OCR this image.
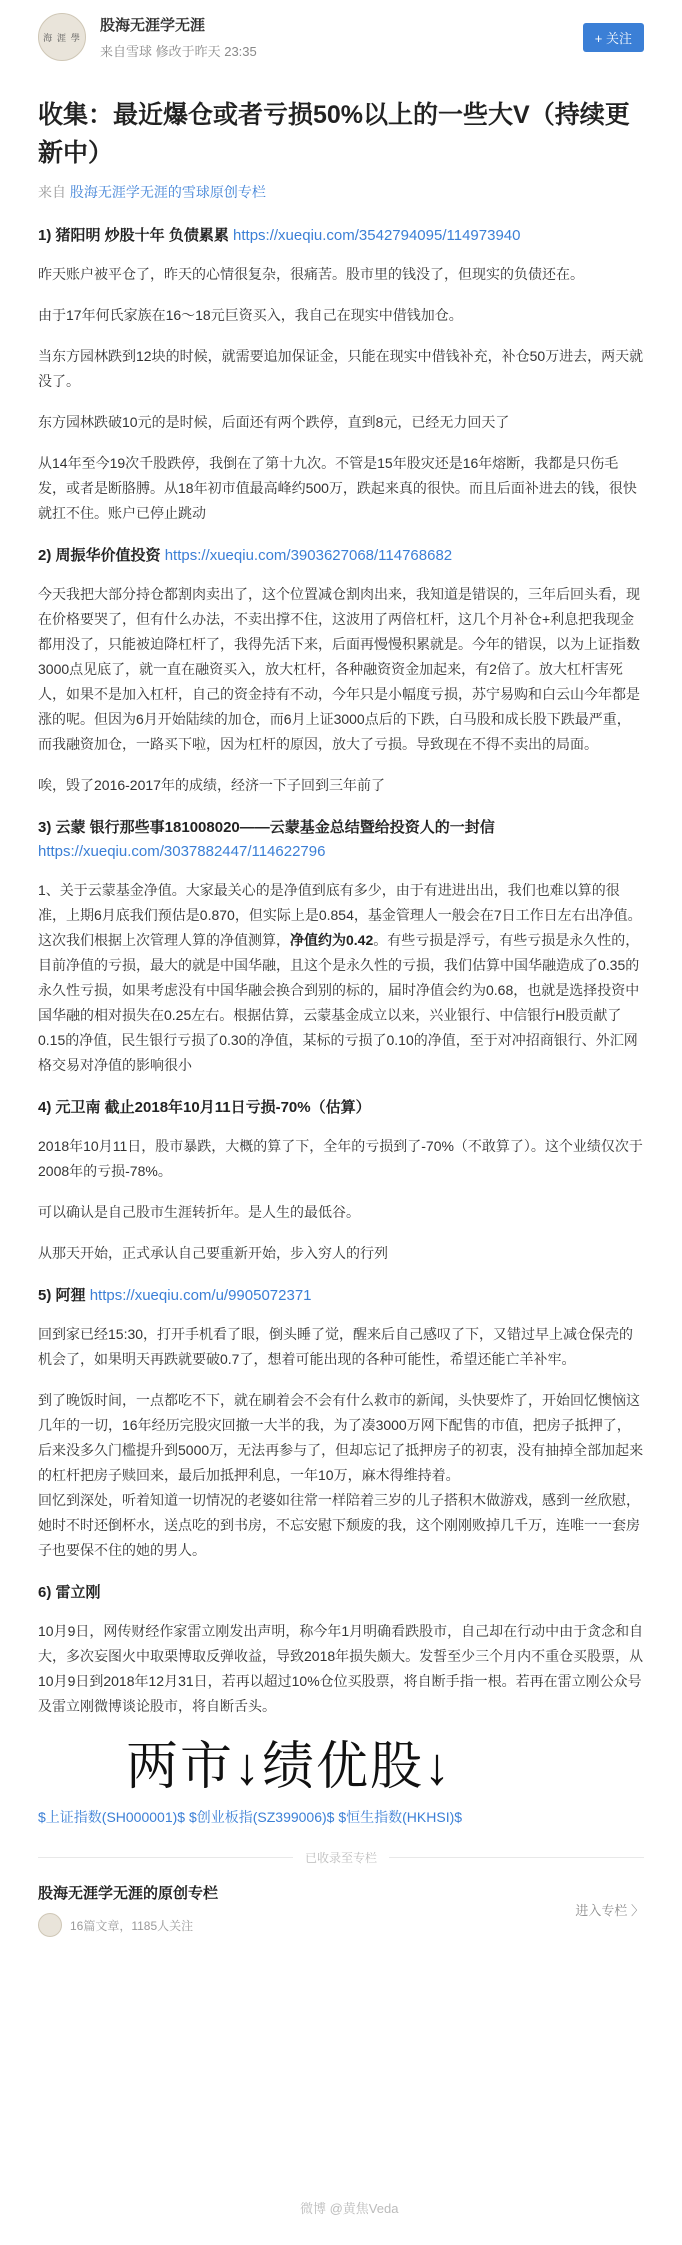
海 涯 學
股海无涯学无涯
来自雪球 修改于昨天 23:35
+ 关注
收集：最近爆仓或者亏损50%以上的一些大V（持续更新中）
来自 股海无涯学无涯的雪球原创专栏
1) 猪阳明 炒股十年 负债累累 https://xueqiu.com/3542794095/114973940

昨天账户被平仓了，昨天的心情很复杂，很痛苦。股市里的钱没了，但现实的负债还在。

由于17年何氏家族在16～18元巨资买入，我自己在现实中借钱加仓。

当东方园林跌到12块的时候，就需要追加保证金，只能在现实中借钱补充，补仓50万进去，两天就没了。

东方园林跌破10元的是时候，后面还有两个跌停，直到8元，已经无力回天了

从14年至今19次千股跌停，我倒在了第十九次。不管是15年股灾还是16年熔断，我都是只伤毛发，或者是断胳膊。从18年初市值最高峰约500万，跌起来真的很快。而且后面补进去的钱，很快就扛不住。账户已停止跳动

2) 周振华价值投资 https://xueqiu.com/3903627068/114768682

今天我把大部分持仓都割肉卖出了，这个位置减仓割肉出来，我知道是错误的，三年后回头看，现在价格要哭了，但有什么办法，不卖出撑不住，这波用了两倍杠杆，这几个月补仓+利息把我现金都用没了，只能被迫降杠杆了，我得先活下来，后面再慢慢积累就是。今年的错误，以为上证指数3000点见底了，就一直在融资买入，放大杠杆，各种融资资金加起来，有2倍了。放大杠杆害死人，如果不是加入杠杆，自己的资金持有不动，今年只是小幅度亏损，苏宁易购和白云山今年都是涨的呢。但因为6月开始陆续的加仓，而6月上证3000点后的下跌，白马股和成长股下跌最严重，而我融资加仓，一路买下啦，因为杠杆的原因，放大了亏损。导致现在不得不卖出的局面。

唉，毁了2016-2017年的成绩，经济一下子回到三年前了

3) 云蒙 银行那些事181008020——云蒙基金总结暨给投资人的一封信 https://xueqiu.com/3037882447/114622796

1、关于云蒙基金净值。大家最关心的是净值到底有多少，由于有进进出出，我们也难以算的很准，上期6月底我们预估是0.870，但实际上是0.854，基金管理人一般会在7日工作日左右出净值。这次我们根据上次管理人算的净值测算，净值约为0.42。有些亏损是浮亏，有些亏损是永久性的，目前净值的亏损，最大的就是中国华融，且这个是永久性的亏损，我们估算中国华融造成了0.35的永久性亏损，如果考虑没有中国华融会换合到别的标的，届时净值会约为0.68，也就是选择投资中国华融的相对损失在0.25左右。根据估算，云蒙基金成立以来，兴业银行、中信银行H股贡献了0.15的净值，民生银行亏损了0.30的净值，某标的亏损了0.10的净值，至于对冲招商银行、外汇网格交易对净值的影响很小

4) 元卫南 截止2018年10月11日亏损-70%（估算）

2018年10月11日，股市暴跌，大概的算了下，全年的亏损到了-70%（不敢算了）。这个业绩仅次于2008年的亏损-78%。

可以确认是自己股市生涯转折年。是人生的最低谷。

从那天开始，正式承认自己要重新开始，步入穷人的行列

5) 阿狸 https://xueqiu.com/u/9905072371

回到家已经15:30，打开手机看了眼，倒头睡了觉，醒来后自己感叹了下，又错过早上减仓保壳的机会了，如果明天再跌就要破0.7了，想着可能出现的各种可能性，希望还能亡羊补牢。

到了晚饭时间，一点都吃不下，就在刷着会不会有什么救市的新闻，头快要炸了，开始回忆懊恼这几年的一切，16年经历完股灾回撤一大半的我，为了凑3000万网下配售的市值，把房子抵押了，后来没多久门槛提升到5000万，无法再参与了，但却忘记了抵押房子的初衷，没有抽掉全部加起来的杠杆把房子赎回来，最后加抵押利息，一年10万，麻木得维持着。

回忆到深处，听着知道一切情况的老婆如往常一样陪着三岁的儿子搭积木做游戏，感到一丝欣慰，她时不时还倒杯水，送点吃的到书房，不忘安慰下颓废的我，这个刚刚败掉几千万，连唯一一套房子也要保不住的她的男人。

6) 雷立刚

10月9日，网传财经作家雷立刚发出声明，称今年1月明确看跌股市，自己却在行动中由于贪念和自大，多次妄图火中取栗博取反弹收益，导致2018年损失颇大。发誓至少三个月内不重仓买股票，从10月9日到2018年12月31日，若再以超过10%仓位买股票，将自断手指一根。若再在雷立刚公众号及雷立刚微博谈论股市，将自断舌头。

两市↓绩优股↓
$上证指数(SH000001)$ $创业板指(SZ399006)$ $恒生指数(HKHSI)$
已收录至专栏
股海无涯学无涯的原创专栏
16篇文章，1185人关注
进入专栏 〉
微博 @黄焦Veda
